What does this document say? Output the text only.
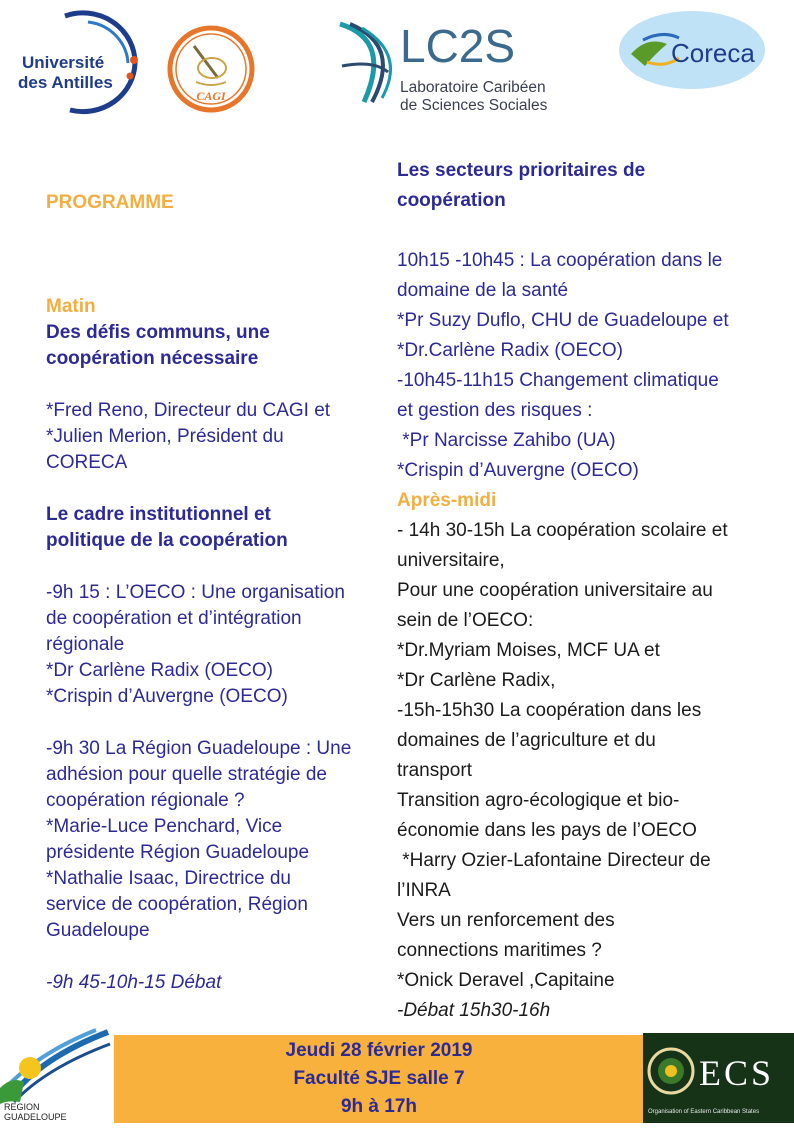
Université
des Antilles
CAGI
LC2S
Laboratoire Caribéen
de Sciences Sociales
Coreca
PROGRAMME
Matin
Des défis communs, une
coopération nécessaire
*Fred Reno, Directeur du CAGI et
*Julien Merion, Président du
CORECA
Le cadre institutionnel et
politique de la coopération
-9h 15 : L’OECO : Une organisation
de coopération et d’intégration
régionale
*Dr Carlène Radix (OECO)
*Crispin d’Auvergne (OECO)
-9h 30 La Région Guadeloupe : Une
adhésion pour quelle stratégie de
coopération régionale ?
*Marie-Luce Penchard, Vice
présidente Région Guadeloupe
*Nathalie Isaac, Directrice du
service de coopération, Région
Guadeloupe
-9h 45-10h-15 Débat
Les secteurs prioritaires de
coopération
10h15 -10h45 : La coopération dans le
domaine de la santé
*Pr Suzy Duflo, CHU de Guadeloupe et
*Dr.Carlène Radix (OECO)
-10h45-11h15 Changement climatique
et gestion des risques :
*Pr Narcisse Zahibo (UA)
*Crispin d’Auvergne (OECO)
Après-midi
- 14h 30-15h La coopération scolaire et
universitaire,
Pour une coopération universitaire au
sein de l’OECO:
*Dr.Myriam Moises, MCF UA et
*Dr Carlène Radix,
-15h-15h30 La coopération dans les
domaines de l’agriculture et du
transport
Transition agro-écologique et bio-
économie dans les pays de l’OECO
*Harry Ozier-Lafontaine Directeur de
l’INRA
Vers un renforcement des
connections maritimes ?
*Onick Deravel ,Capitaine
-Débat 15h30-16h
REGION
GUADELOUPE
Jeudi 28 février 2019
Faculté SJE salle 7
9h à 17h
ECS
Organisation of Eastern Caribbean States
